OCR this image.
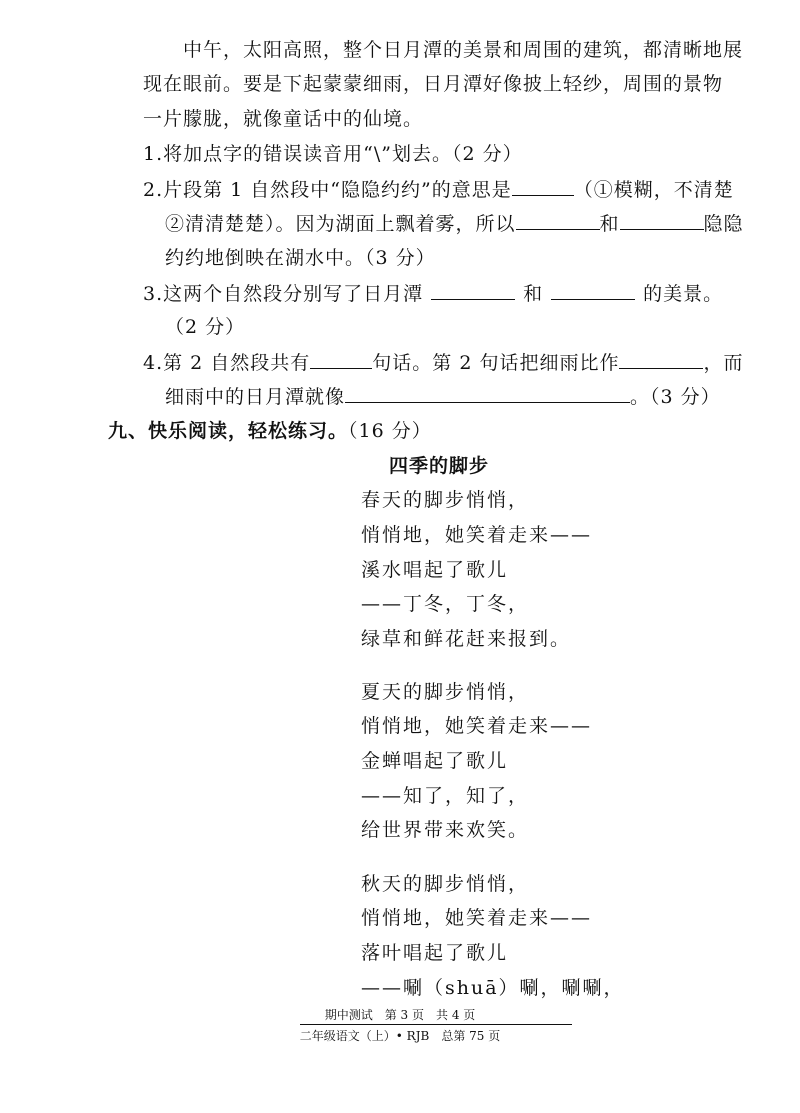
中午，太阳高照，整个日月潭的美景和周围的建筑，都清晰地展
现在眼前。要是下起蒙蒙细雨，日月潭好像披上轻纱，周围的景物
一片朦胧，就像童话中的仙境。
1.将加点字的错误读音用“\”划去。（2 分）
2.片段第 1 自然段中“隐隐约约”的意思是	（①模糊，不清楚
②清清楚楚）。因为湖面上飘着雾，所以	和	隐隐
约约地倒映在湖水中。（3 分）
3.这两个自然段分别写了日月潭	和	的美景。
（2 分）
4.第 2 自然段共有	句话。第 2 句话把细雨比作	，而
细雨中的日月潭就像	。（3 分）
九、快乐阅读，轻松练习。（16 分）
四季的脚步
春天的脚步悄悄，
悄悄地，她笑着走来——
溪水唱起了歌儿
——丁冬，丁冬，
绿草和鲜花赶来报到。
夏天的脚步悄悄，
悄悄地，她笑着走来——
金蝉唱起了歌儿
——知了，知了，
给世界带来欢笑。
秋天的脚步悄悄，
悄悄地，她笑着走来——
落叶唱起了歌儿
——唰（shuā）唰，唰唰，
期中测试　第 3 页　共 4 页
二年级语文（上）• RJB　总第 75 页
